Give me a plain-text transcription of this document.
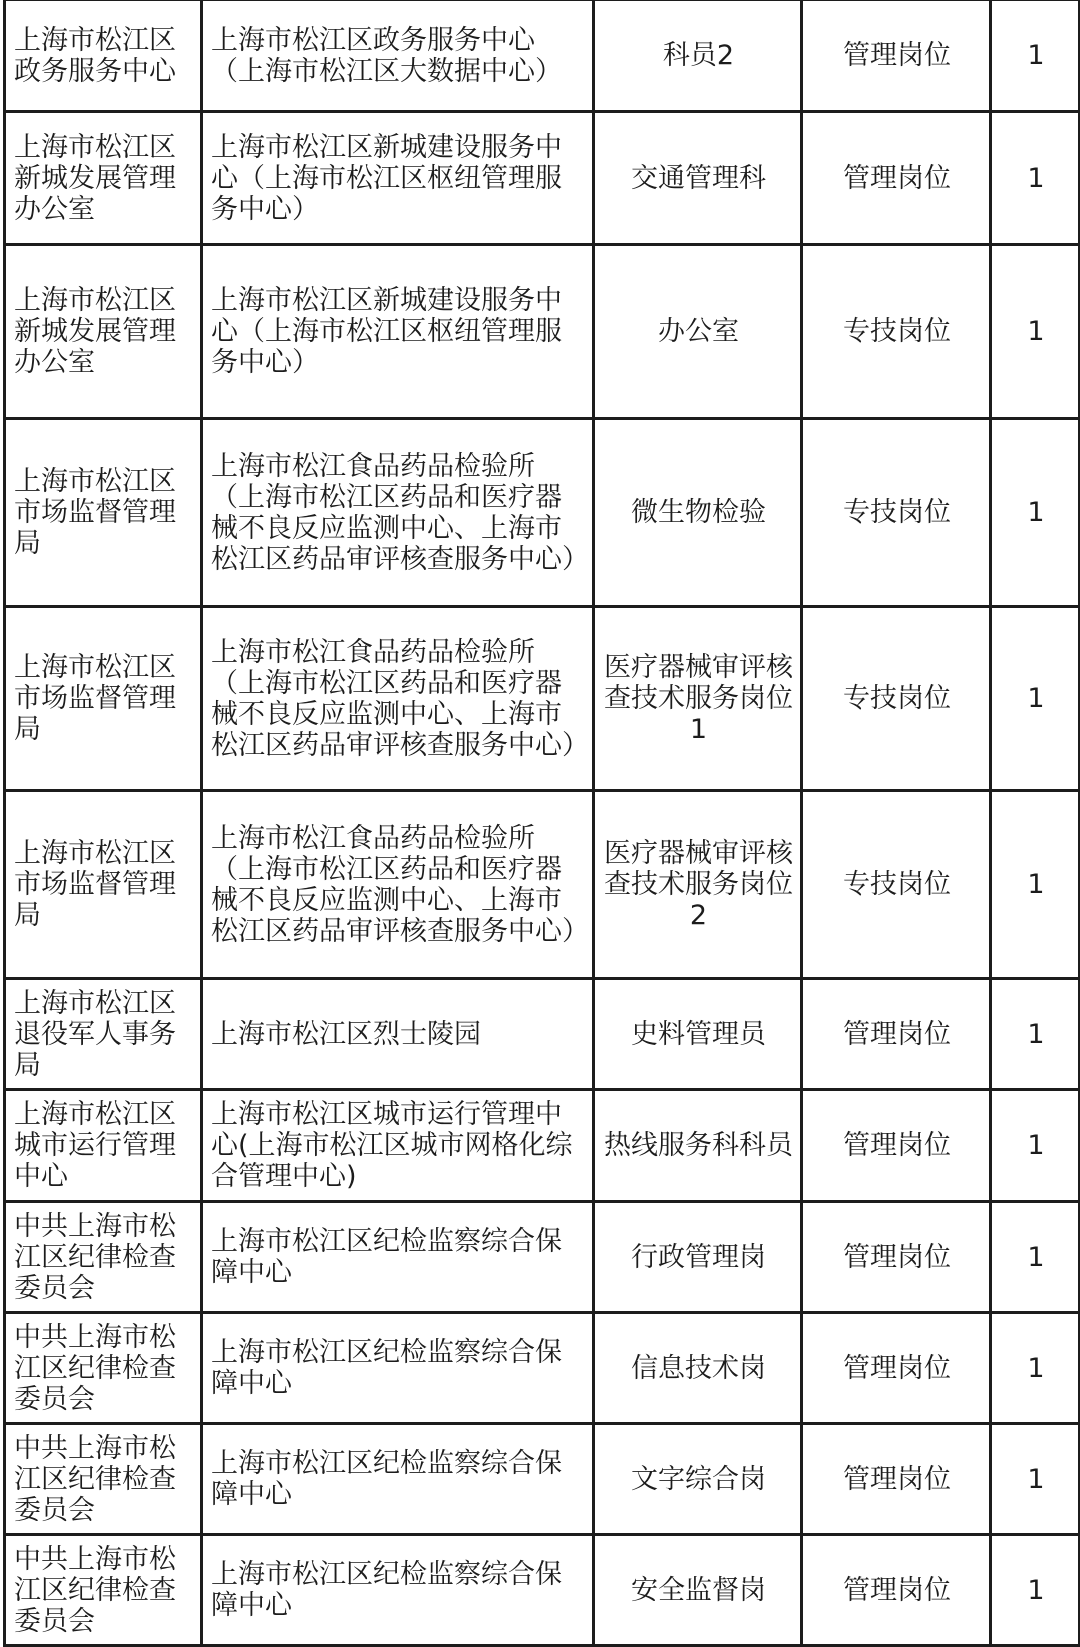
上海市松江区政务服务中心	上海市松江区政务服务中心（上海市松江区大数据中心）	科员2	管理岗位	1
上海市松江区新城发展管理办公室	上海市松江区新城建设服务中心（上海市松江区枢纽管理服务中心）	交通管理科	管理岗位	1
上海市松江区新城发展管理办公室	上海市松江区新城建设服务中心（上海市松江区枢纽管理服务中心）	办公室	专技岗位	1
上海市松江区市场监督管理局	上海市松江食品药品检验所（上海市松江区药品和医疗器械不良反应监测中心、上海市松江区药品审评核查服务中心）	微生物检验	专技岗位	1
上海市松江区市场监督管理局	上海市松江食品药品检验所（上海市松江区药品和医疗器械不良反应监测中心、上海市松江区药品审评核查服务中心）	医疗器械审评核查技术服务岗位1	专技岗位	1
上海市松江区市场监督管理局	上海市松江食品药品检验所（上海市松江区药品和医疗器械不良反应监测中心、上海市松江区药品审评核查服务中心）	医疗器械审评核查技术服务岗位2	专技岗位	1
上海市松江区退役军人事务局	上海市松江区烈士陵园	史料管理员	管理岗位	1
上海市松江区城市运行管理中心	上海市松江区城市运行管理中心(上海市松江区城市网格化综合管理中心)	热线服务科科员	管理岗位	1
中共上海市松江区纪律检查委员会	上海市松江区纪检监察综合保障中心	行政管理岗	管理岗位	1
中共上海市松江区纪律检查委员会	上海市松江区纪检监察综合保障中心	信息技术岗	管理岗位	1
中共上海市松江区纪律检查委员会	上海市松江区纪检监察综合保障中心	文字综合岗	管理岗位	1
中共上海市松江区纪律检查委员会	上海市松江区纪检监察综合保障中心	安全监督岗	管理岗位	1
